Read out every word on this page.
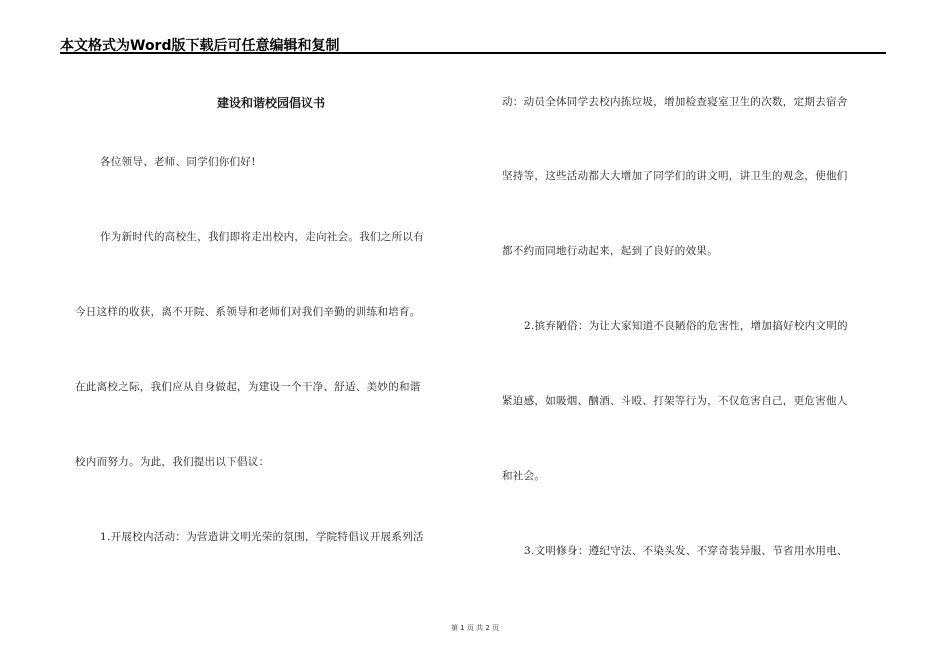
本文格式为Word版下载后可任意编辑和复制
建设和谐校园倡议书
各位领导、老师、同学们你们好!
作为新时代的高校生，我们即将走出校内，走向社会。我们之所以有
今日这样的收获，离不开院、系领导和老师们对我们辛勤的训练和培育。
在此离校之际，我们应从自身做起，为建设一个干净、舒适、美妙的和谐
校内而努力。为此，我们提出以下倡议：
1.开展校内活动：为营造讲文明光荣的氛围，学院特倡议开展系列活
动：动员全体同学去校内拣垃圾，增加检查寝室卫生的次数，定期去宿舍
坚持等，这些活动都大大增加了同学们的讲文明，讲卫生的观念，使他们
都不约而同地行动起来，起到了良好的效果。
2.摈弃陋俗：为让大家知道不良陋俗的危害性，增加搞好校内文明的
紧迫感，如吸烟、酗酒、斗殴、打架等行为，不仅危害自己，更危害他人
和社会。
3.文明修身：遵纪守法、不染头发、不穿奇装异服、节省用水用电、
第 1 页 共 2 页
